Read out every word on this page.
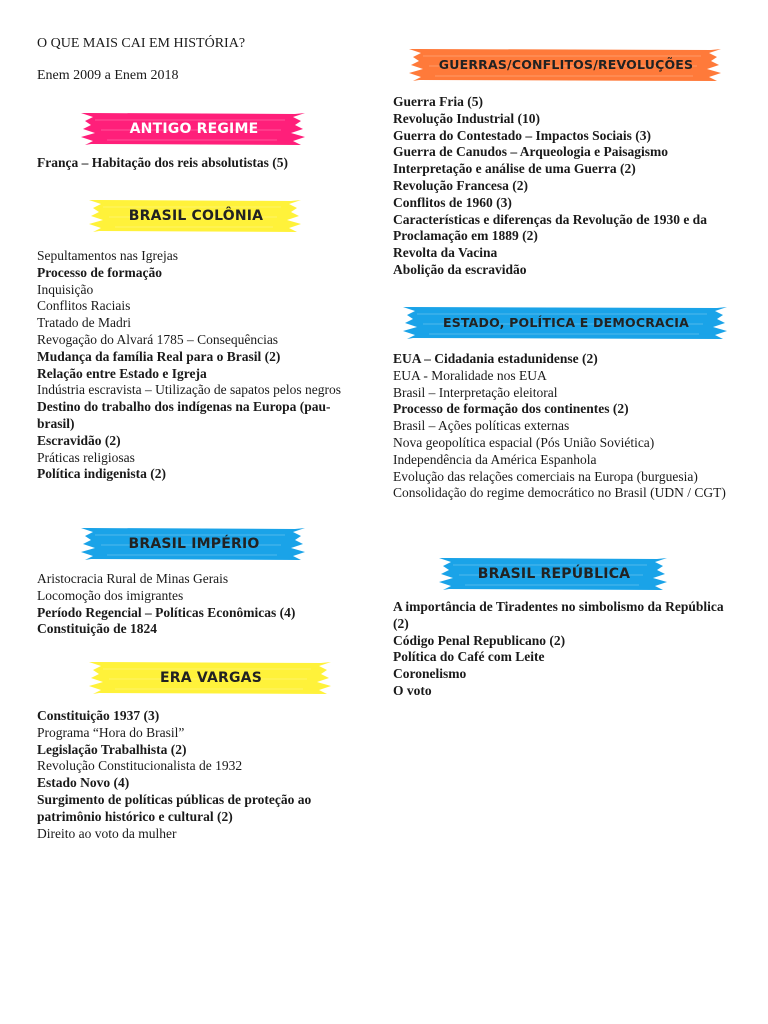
O QUE MAIS CAI EM HISTÓRIA?

Enem 2009 a Enem 2018

ANTIGO REGIME
França – Habitação dos reis absolutistas (5)
BRASIL COLÔNIA
Sepultamentos nas Igrejas
Processo de formação
Inquisição
Conflitos Raciais
Tratado de Madri
Revogação do Alvará 1785 – Consequências
Mudança da família Real para o Brasil (2)
Relação entre Estado e Igreja
Indústria escravista – Utilização de sapatos pelos negros
Destino do trabalho dos indígenas na Europa (pau-brasil)
Escravidão (2)
Práticas religiosas
Política indigenista (2)
BRASIL IMPÉRIO
Aristocracia Rural de Minas Gerais
Locomoção dos imigrantes
Período Regencial – Políticas Econômicas (4)
Constituição de 1824
ERA VARGAS
Constituição 1937 (3)
Programa “Hora do Brasil”
Legislação Trabalhista (2)
Revolução Constitucionalista de 1932
Estado Novo (4)
Surgimento de políticas públicas de proteção ao patrimônio histórico e cultural (2)
Direito ao voto da mulher
GUERRAS/CONFLITOS/REVOLUÇÕES
Guerra Fria (5)
Revolução Industrial (10)
Guerra do Contestado – Impactos Sociais (3)
Guerra de Canudos – Arqueologia e Paisagismo
Interpretação e análise de uma Guerra (2)
Revolução Francesa (2)
Conflitos de 1960 (3)
Características e diferenças da Revolução de 1930 e da Proclamação em 1889 (2)
Revolta da Vacina
Abolição da escravidão
ESTADO, POLÍTICA E DEMOCRACIA
EUA – Cidadania estadunidense (2)
EUA - Moralidade nos EUA
Brasil – Interpretação eleitoral
Processo de formação dos continentes (2)
Brasil – Ações políticas externas
Nova geopolítica espacial (Pós União Soviética)
Independência da América Espanhola
Evolução das relações comerciais na Europa (burguesia)
Consolidação do regime democrático no Brasil (UDN / CGT)
BRASIL REPÚBLICA
A importância de Tiradentes no simbolismo da República (2)
Código Penal Republicano (2)
Política do Café com Leite
Coronelismo
O voto
